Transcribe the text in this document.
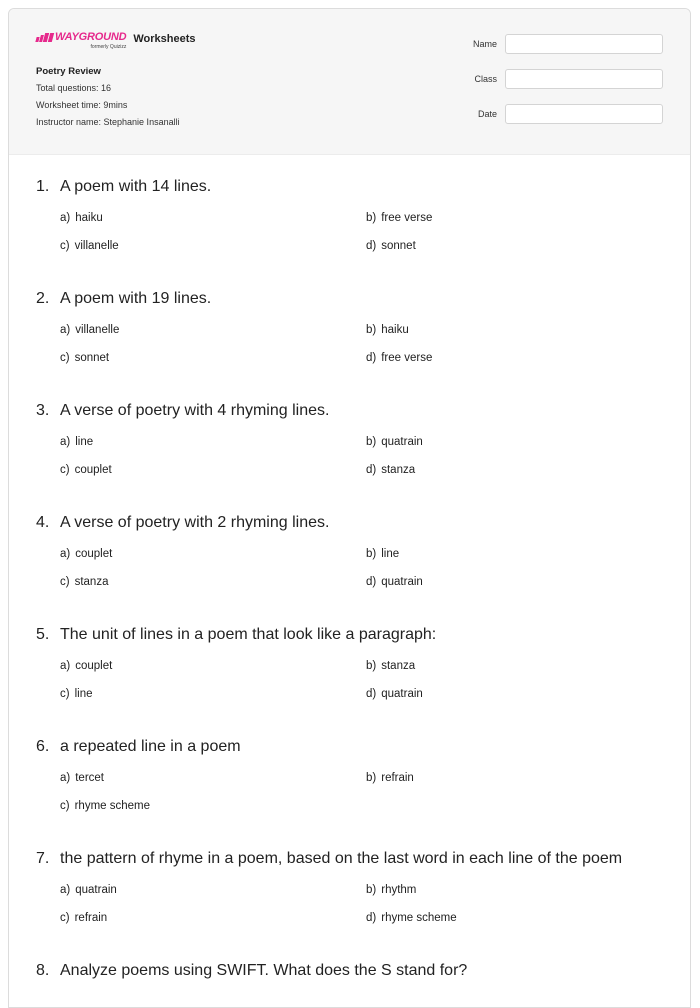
WAYGROUND
formerly Quizizz
Worksheets
Poetry Review
Total questions: 16
Worksheet time: 9mins
Instructor name: Stephanie Insanalli
Name
Class
Date
1. A poem with 14 lines.
a) haiku	b) free verse
c) villanelle	d) sonnet
2. A poem with 19 lines.
a) villanelle	b) haiku
c) sonnet	d) free verse
3. A verse of poetry with 4 rhyming lines.
a) line	b) quatrain
c) couplet	d) stanza
4. A verse of poetry with 2 rhyming lines.
a) couplet	b) line
c) stanza	d) quatrain
5. The unit of lines in a poem that look like a paragraph:
a) couplet	b) stanza
c) line	d) quatrain
6. a repeated line in a poem
a) tercet	b) refrain
c) rhyme scheme
7. the pattern of rhyme in a poem, based on the last word in each line of the poem
a) quatrain	b) rhythm
c) refrain	d) rhyme scheme
8. Analyze poems using SWIFT. What does the S stand for?
